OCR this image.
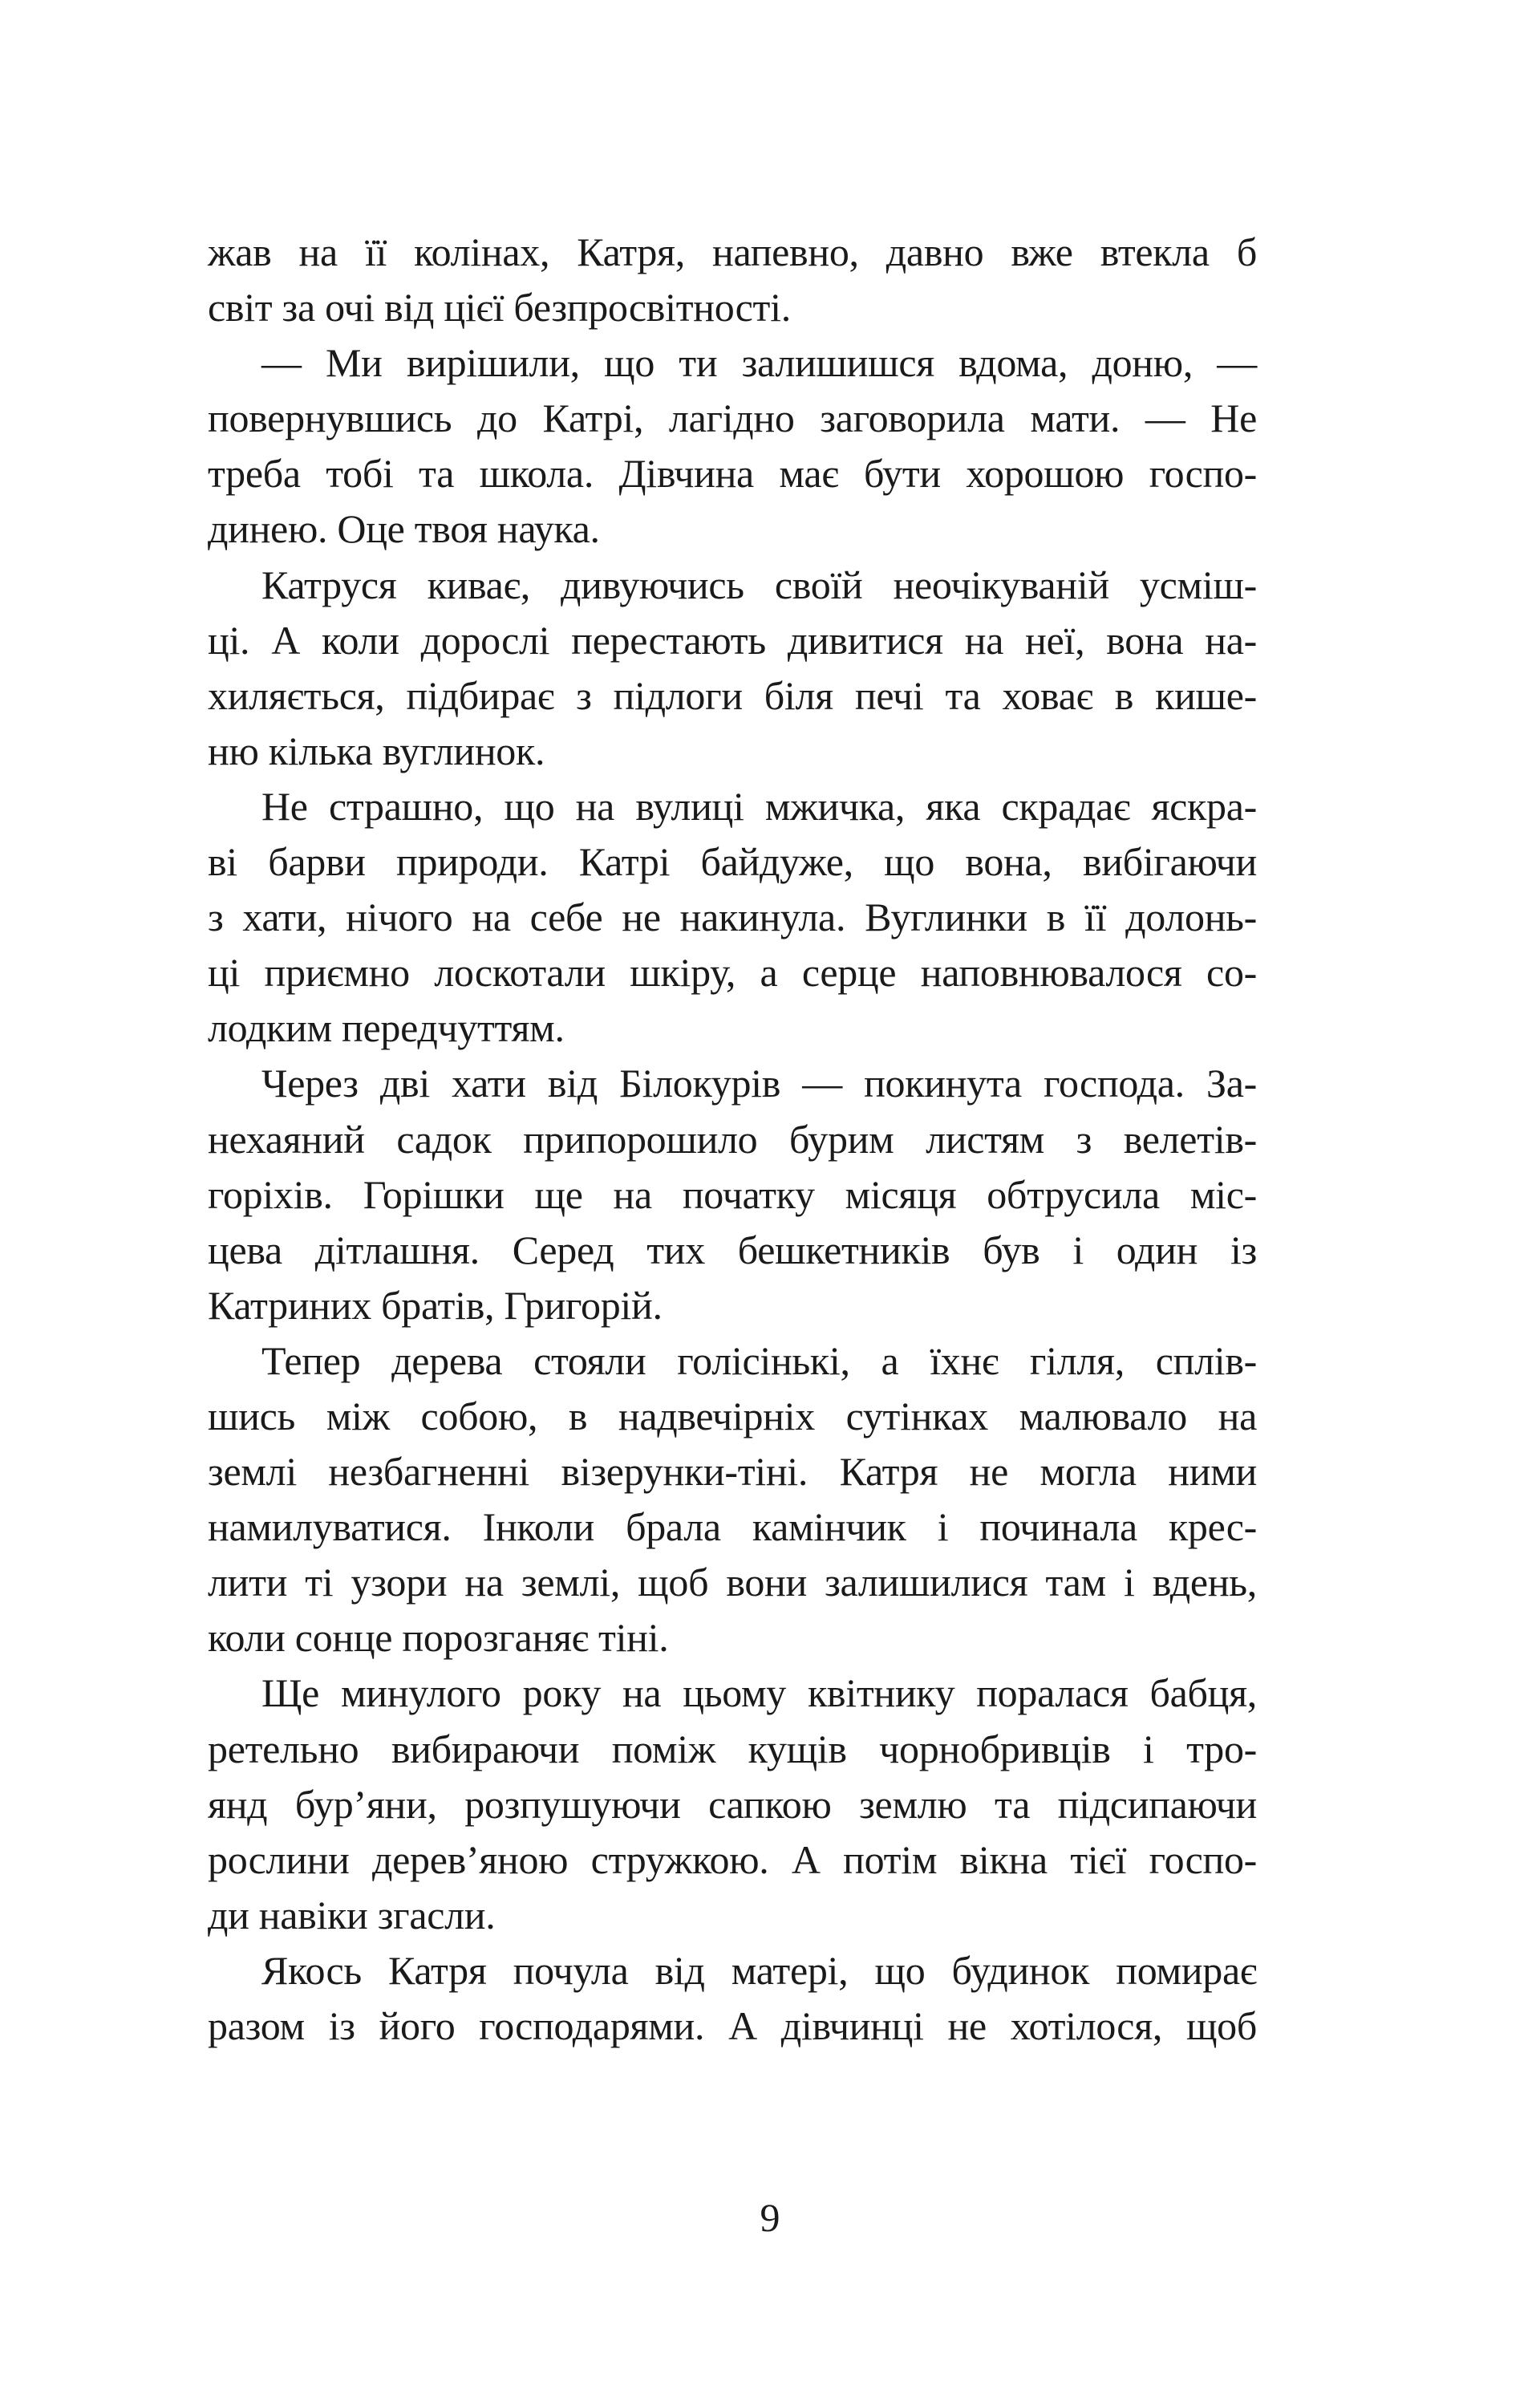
жав на її колінах, Катря, напевно, давно вже втекла б
світ за очі від цієї безпросвітності.
— Ми вирішили, що ти залишишся вдома, доню, —
повернувшись до Катрі, лагідно заговорила мати. — Не
треба тобі та школа. Дівчина має бути хорошою госпо-
динею. Оце твоя наука.
Катруся киває, дивуючись своїй неочікуваній усміш-
ці. А коли дорослі перестають дивитися на неї, вона на-
хиляється, підбирає з підлоги біля печі та ховає в кише-
ню кілька вуглинок.
Не страшно, що на вулиці мжичка, яка скрадає яскра-
ві барви природи. Катрі байдуже, що вона, вибігаючи
з хати, нічого на себе не накинула. Вуглинки в її долонь-
ці приємно лоскотали шкіру, а серце наповнювалося со-
лодким передчуттям.
Через дві хати від Білокурів — покинута господа. За-
нехаяний садок припорошило бурим листям з велетів-
горіхів. Горішки ще на початку місяця обтрусила міс-
цева дітлашня. Серед тих бешкетників був і один із
Катриних братів, Григорій.
Тепер дерева стояли голісінькі, а їхнє гілля, сплів-
шись між собою, в надвечірніх сутінках малювало на
землі незбагненні візерунки-тіні. Катря не могла ними
намилуватися. Інколи брала камінчик і починала крес-
лити ті узори на землі, щоб вони залишилися там і вдень,
коли сонце порозганяє тіні.
Ще минулого року на цьому квітнику поралася бабця,
ретельно вибираючи поміж кущів чорнобривців і тро-
янд бур’яни, розпушуючи сапкою землю та підсипаючи
рослини дерев’яною стружкою. А потім вікна тієї госпо-
ди навіки згасли.
Якось Катря почула від матері, що будинок помирає
разом із його господарями. А дівчинці не хотілося, щоб
9
